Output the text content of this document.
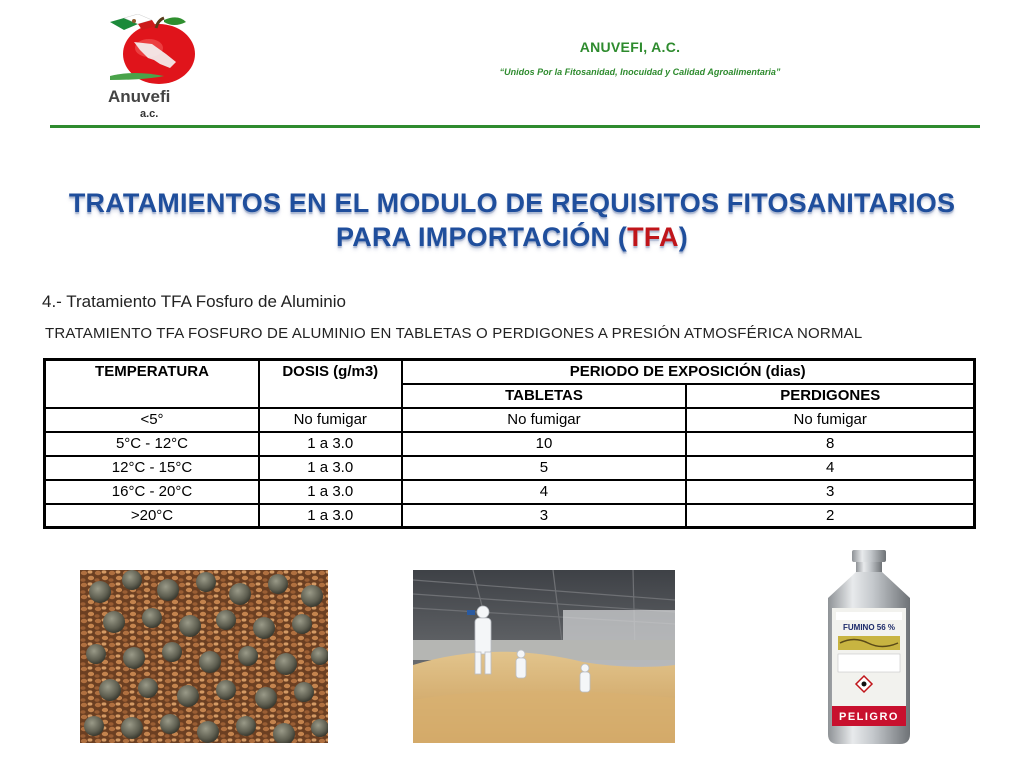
Anuvefi
a.c.
ANUVEFI, A.C.
“Unidos Por la Fitosanidad, Inocuidad y Calidad Agroalimentaria”
TRATAMIENTOS EN EL MODULO DE REQUISITOS FITOSANITARIOS
PARA IMPORTACIÓN (TFA)
4.- Tratamiento TFA Fosfuro de Aluminio
TRATAMIENTO TFA FOSFURO DE ALUMINIO EN TABLETAS O PERDIGONES A PRESIÓN ATMOSFÉRICA NORMAL
TEMPERATURA	DOSIS (g/m3)	PERIODO DE EXPOSICIÓN (dias)	
		TABLETAS	PERDIGONES
<5°	No fumigar	No fumigar	No fumigar
5°C - 12°C	1 a 3.0	10	8
12°C - 15°C	1 a 3.0	5	4
16°C - 20°C	1 a 3.0	4	3
>20°C	1 a 3.0	3	2
FUMINO 56 %
PELIGRO
